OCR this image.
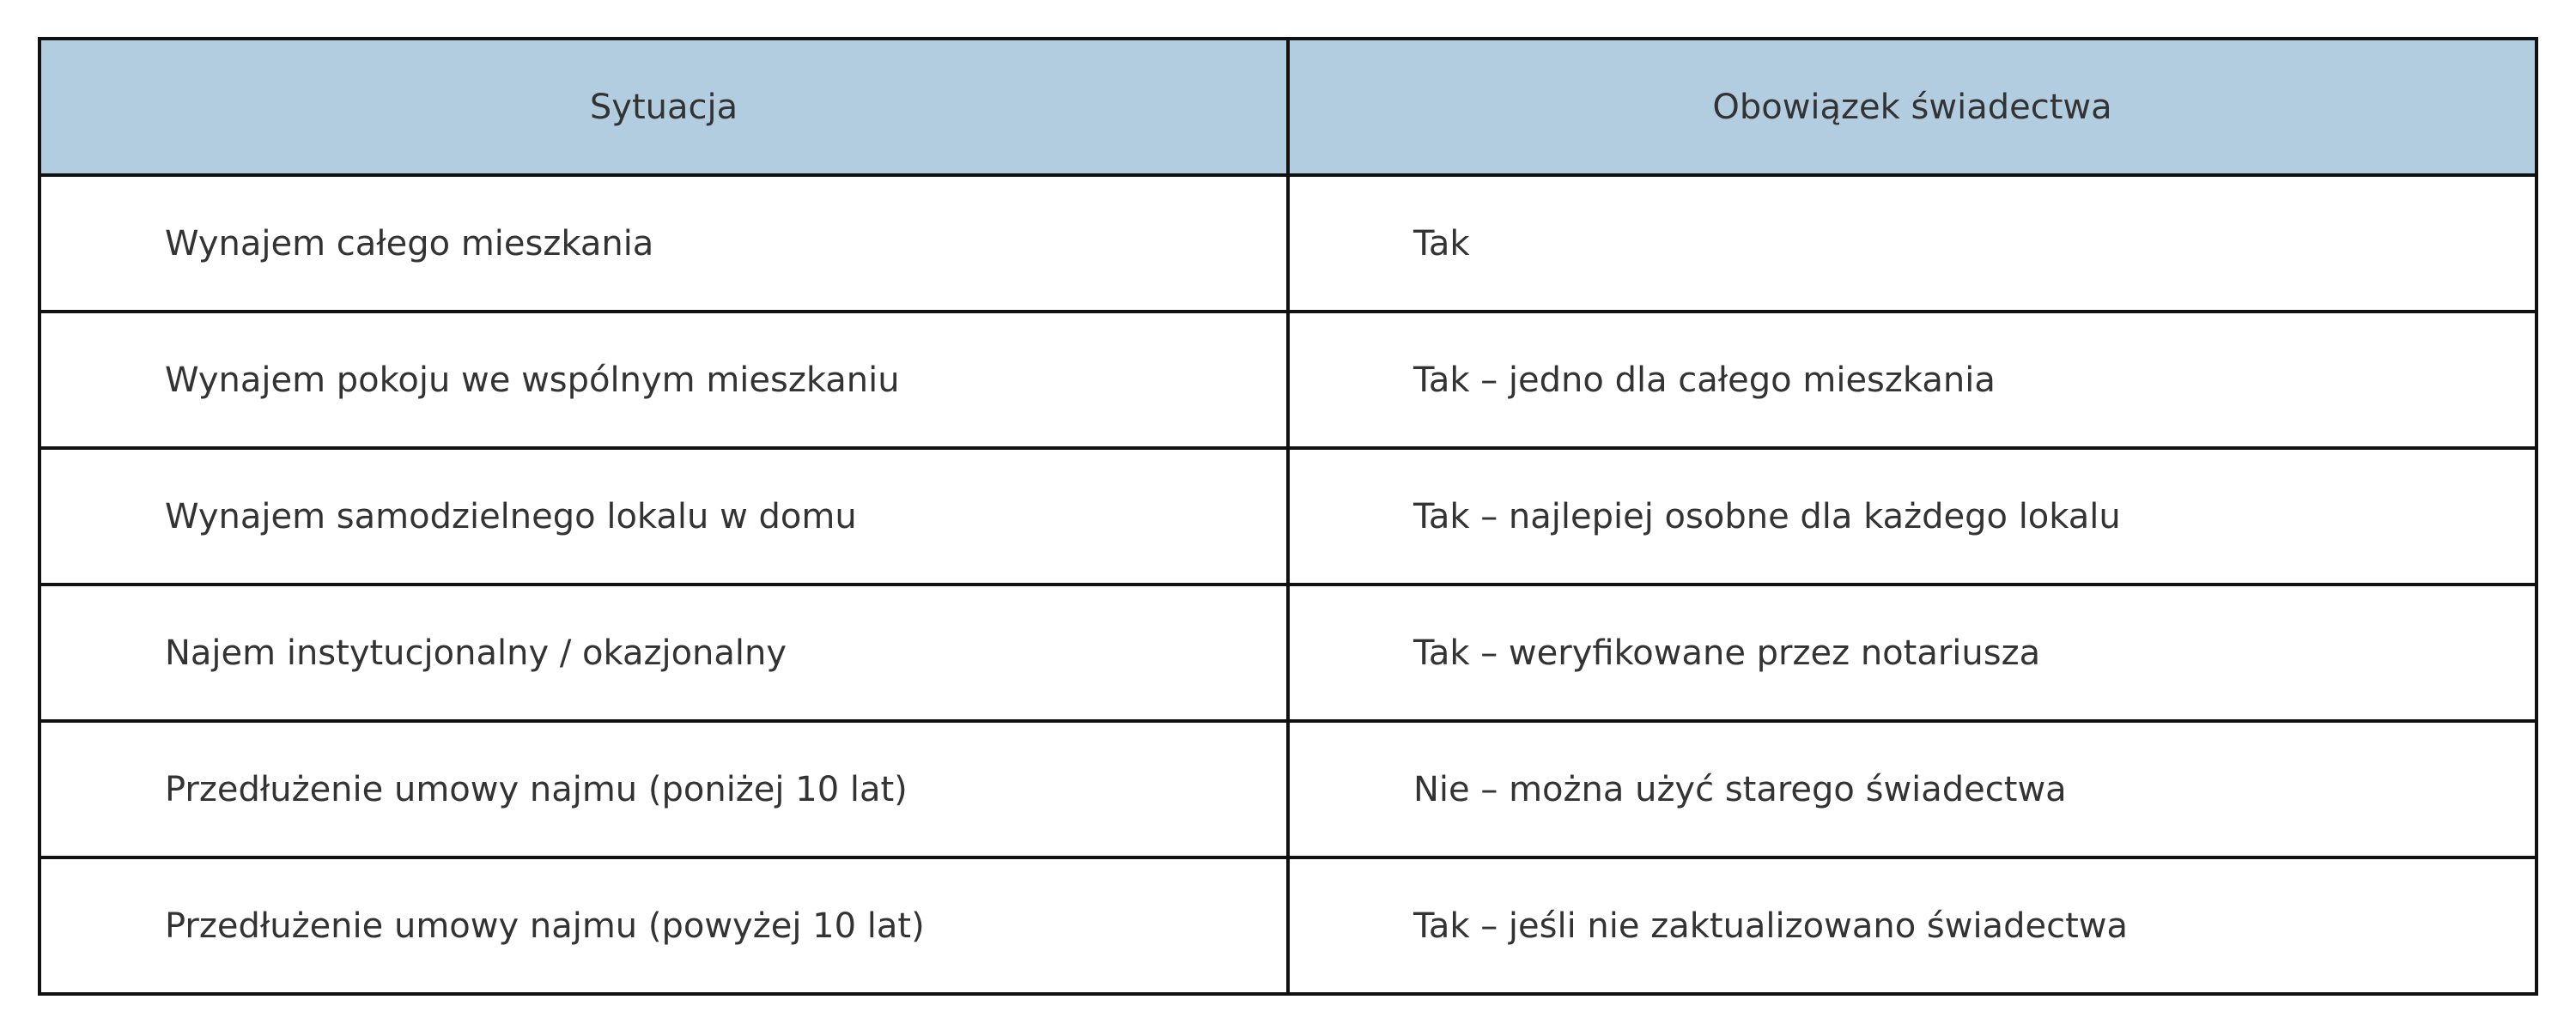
Sytuacja	Obowiązek świadectwa
Wynajem całego mieszkania	Tak
Wynajem pokoju we wspólnym mieszkaniu	Tak – jedno dla całego mieszkania
Wynajem samodzielnego lokalu w domu	Tak – najlepiej osobne dla każdego lokalu
Najem instytucjonalny / okazjonalny	Tak – weryfikowane przez notariusza
Przedłużenie umowy najmu (poniżej 10 lat)	Nie – można użyć starego świadectwa
Przedłużenie umowy najmu (powyżej 10 lat)	Tak – jeśli nie zaktualizowano świadectwa
